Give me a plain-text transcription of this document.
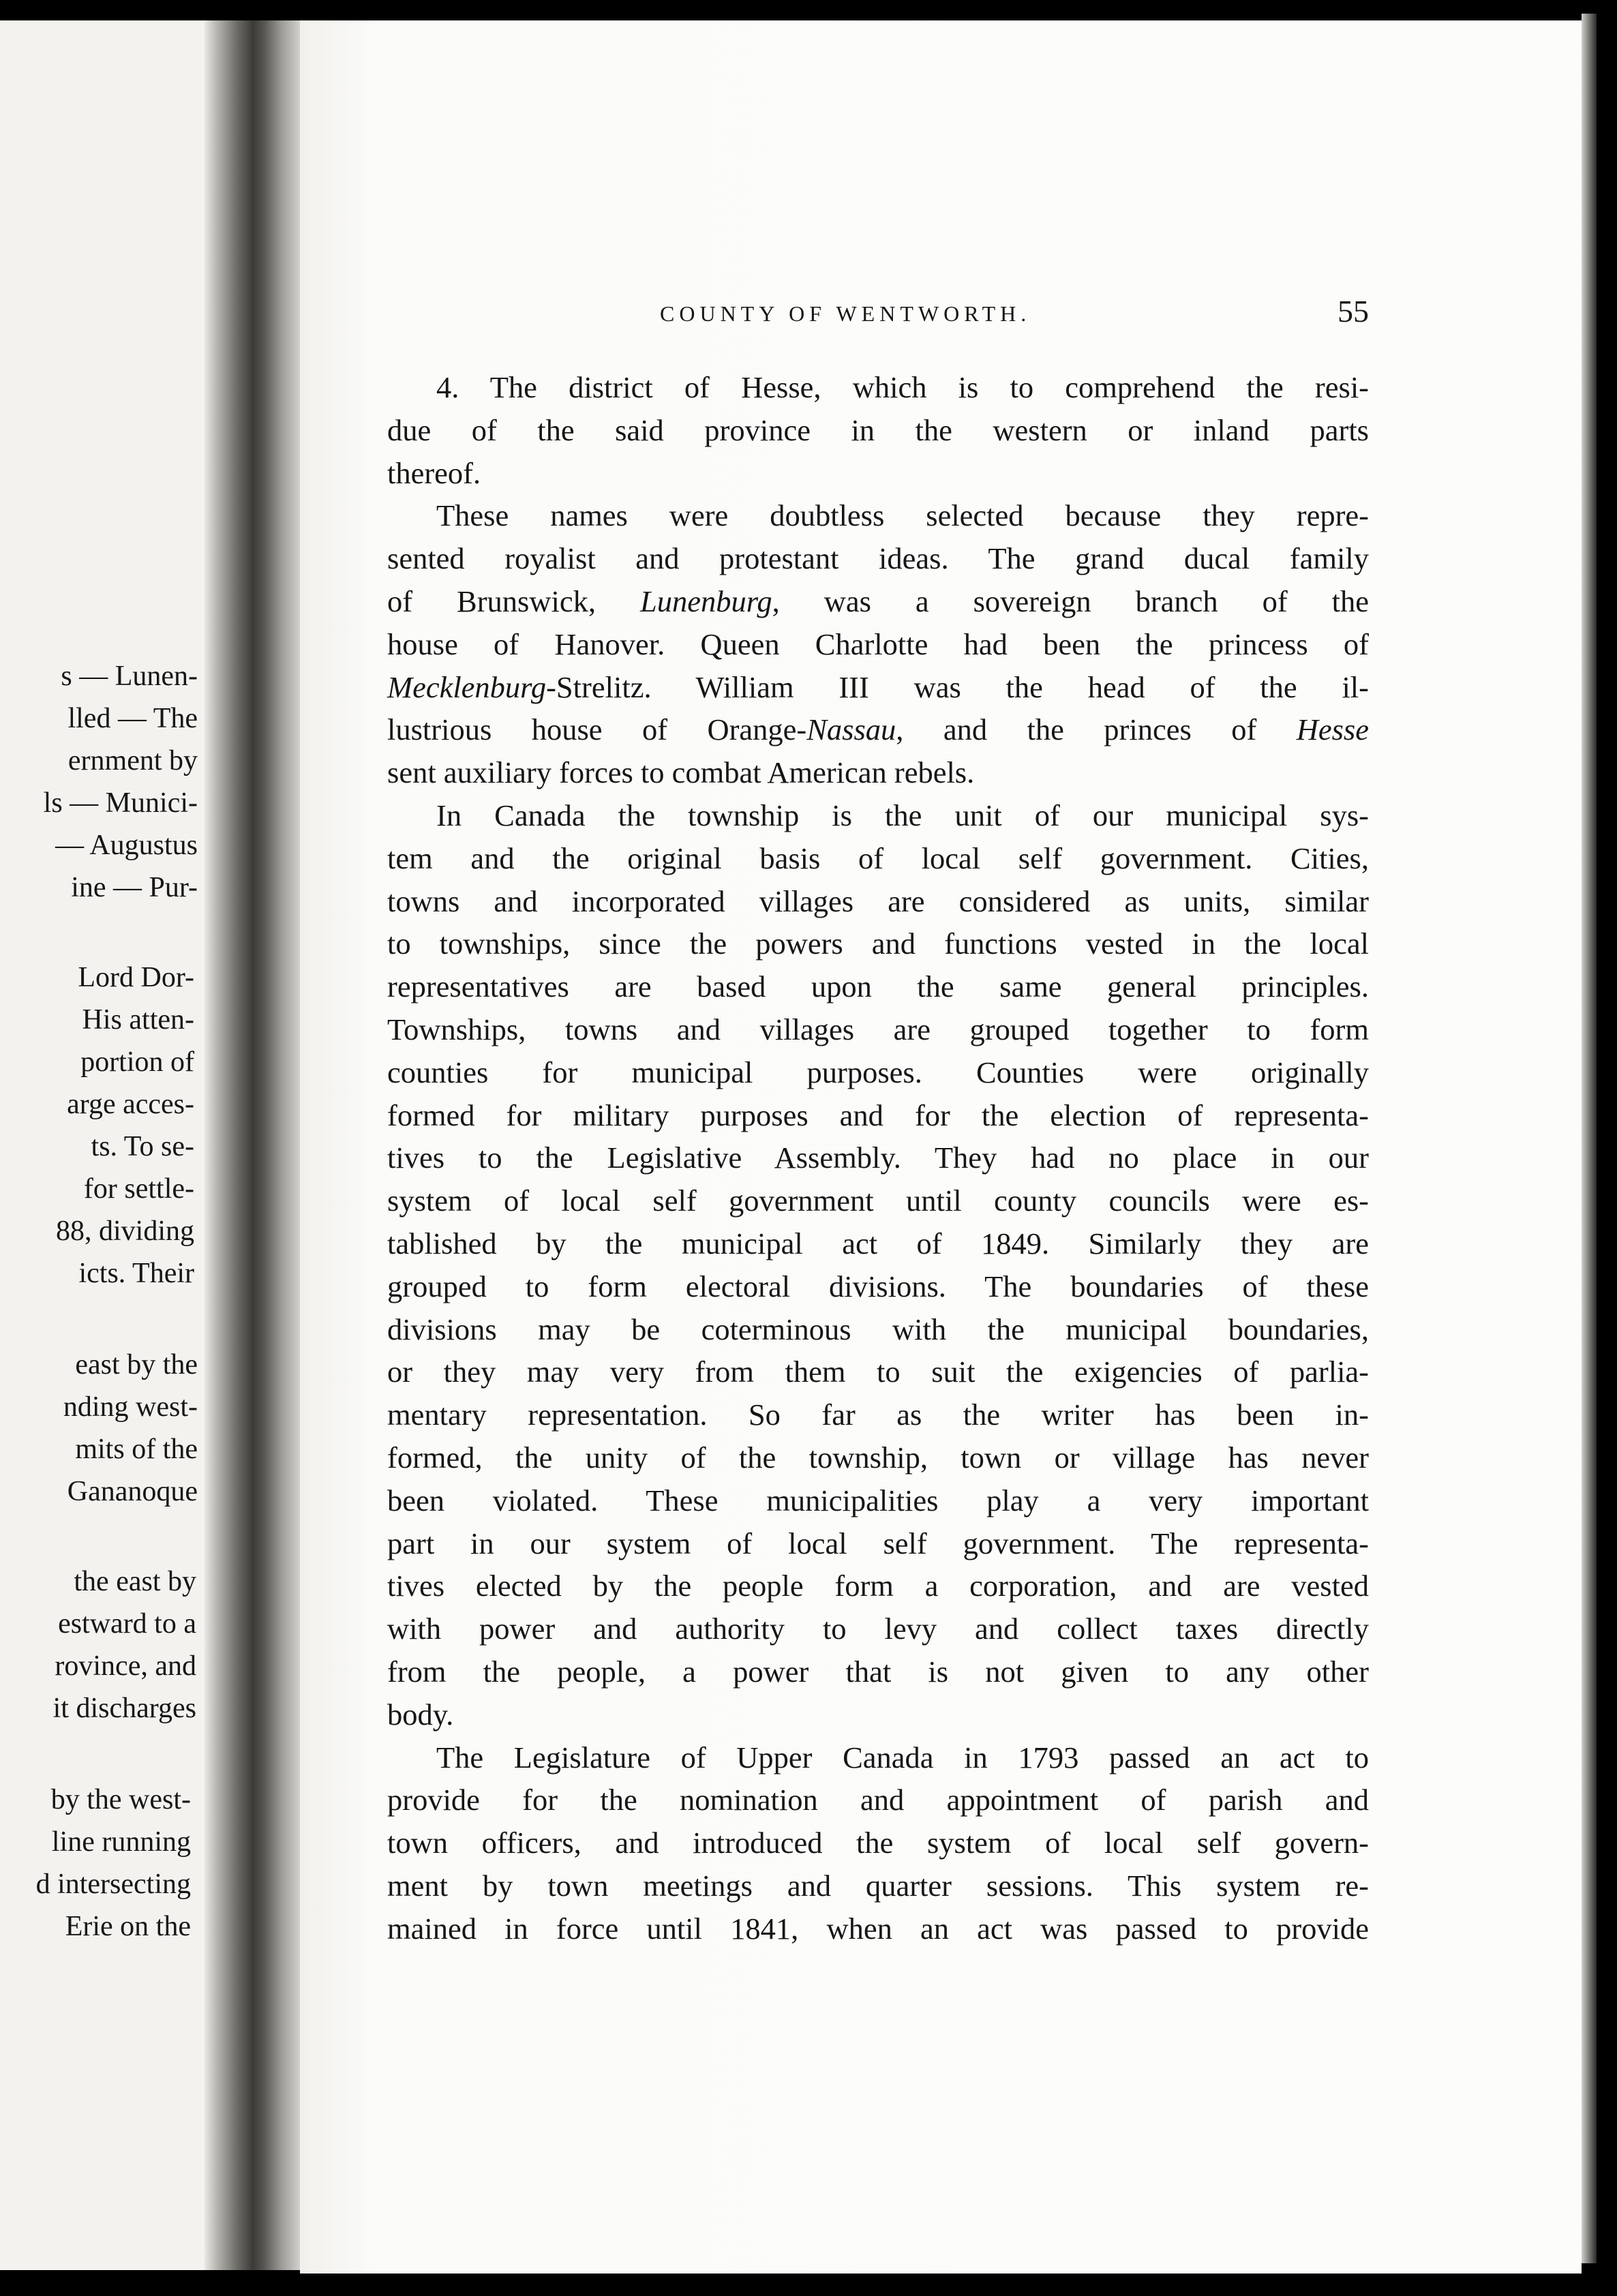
s — Lunen-
lled — The
ernment by
ls — Munici-
— Augustus
ine — Pur-
Lord Dor-
His atten-
portion of
arge acces-
ts. To se-
for settle-
88, dividing
icts. Their
east by the
nding west-
mits of the
Gananoque
the east by
estward to a
rovince, and
it discharges
by the west-
line running
d intersecting
Erie on the
COUNTY OF WENTWORTH.	55
4. The district of Hesse, which is to comprehend the resi-
due of the said province in the western or inland parts
thereof.
These names were doubtless selected because they repre-
sented royalist and protestant ideas. The grand ducal family
of Brunswick, Lunenburg, was a sovereign branch of the
house of Hanover. Queen Charlotte had been the princess of
Mecklenburg-Strelitz. William III was the head of the il-
lustrious house of Orange-Nassau, and the princes of Hesse
sent auxiliary forces to combat American rebels.
In Canada the township is the unit of our municipal sys-
tem and the original basis of local self government. Cities,
towns and incorporated villages are considered as units, similar
to townships, since the powers and functions vested in the local
representatives are based upon the same general principles.
Townships, towns and villages are grouped together to form
counties for municipal purposes. Counties were originally
formed for military purposes and for the election of representa-
tives to the Legislative Assembly. They had no place in our
system of local self government until county councils were es-
tablished by the municipal act of 1849. Similarly they are
grouped to form electoral divisions. The boundaries of these
divisions may be coterminous with the municipal boundaries,
or they may very from them to suit the exigencies of parlia-
mentary representation. So far as the writer has been in-
formed, the unity of the township, town or village has never
been violated. These municipalities play a very important
part in our system of local self government. The representa-
tives elected by the people form a corporation, and are vested
with power and authority to levy and collect taxes directly
from the people, a power that is not given to any other
body.
The Legislature of Upper Canada in 1793 passed an act to
provide for the nomination and appointment of parish and
town officers, and introduced the system of local self govern-
ment by town meetings and quarter sessions. This system re-
mained in force until 1841, when an act was passed to provide
